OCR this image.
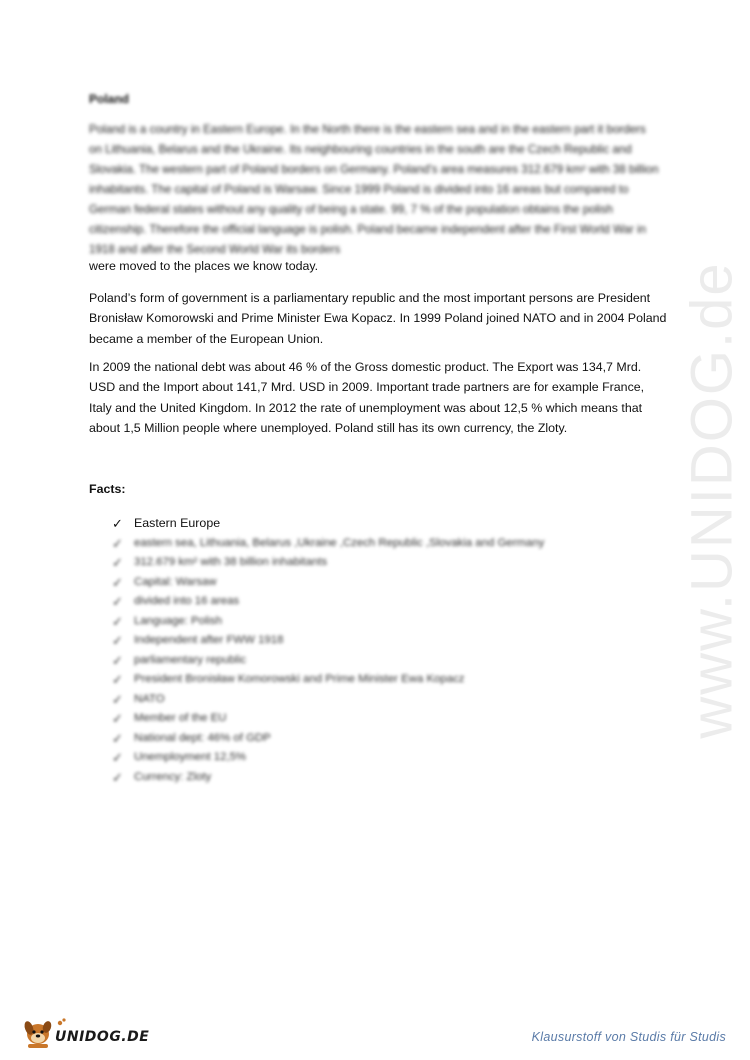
www.UNIDOG.de
Poland
Poland is a country in Eastern Europe. In the North there is the eastern sea and in the eastern part it borders on Lithuania, Belarus and the Ukraine. Its neighbouring countries in the south are the Czech Republic and Slovakia. The western part of Poland borders on Germany. Poland's area measures 312.679 km² with 38 billion inhabitants. The capital of Poland is Warsaw. Since 1999 Poland is divided into 16 areas but compared to German federal states without any quality of being a state. 99, 7 % of the population obtains the polish citizenship. Therefore the official language is polish. Poland became independent after the First World War in 1918 and after the Second World War its borders
were moved to the places we know today.

Poland’s form of government is a parliamentary republic and the most important persons are President Bronisław Komorowski and Prime Minister Ewa Kopacz. In 1999 Poland joined NATO and in 2004 Poland became a member of the European Union.

In 2009 the national debt was about 46 % of the Gross domestic product. The Export was 134,7 Mrd. USD and the Import about 141,7 Mrd. USD in 2009. Important trade partners are for example France, Italy and the United Kingdom. In 2012 the rate of unemployment was about 12,5 % which means that about 1,5 Million people where unemployed. Poland still has its own currency, the Zloty.

Facts:
✓ Eastern Europe
✓ eastern sea, Lithuania, Belarus ,Ukraine ,Czech Republic ,Slovakia and Germany
✓ 312.679 km² with 38 billion inhabitants
✓ Capital: Warsaw
✓ divided into 16 areas
✓ Language: Polish
✓ Independent after FWW 1918
✓ parliamentary republic
✓ President Bronisław Komorowski and Prime Minister Ewa Kopacz
✓ NATO
✓ Member of the EU
✓ National dept: 46% of GDP
✓ Unemployment 12,5%
✓ Currency: Zloty
UNIDOG.DE	Klausurstoff von Studis für Studis
